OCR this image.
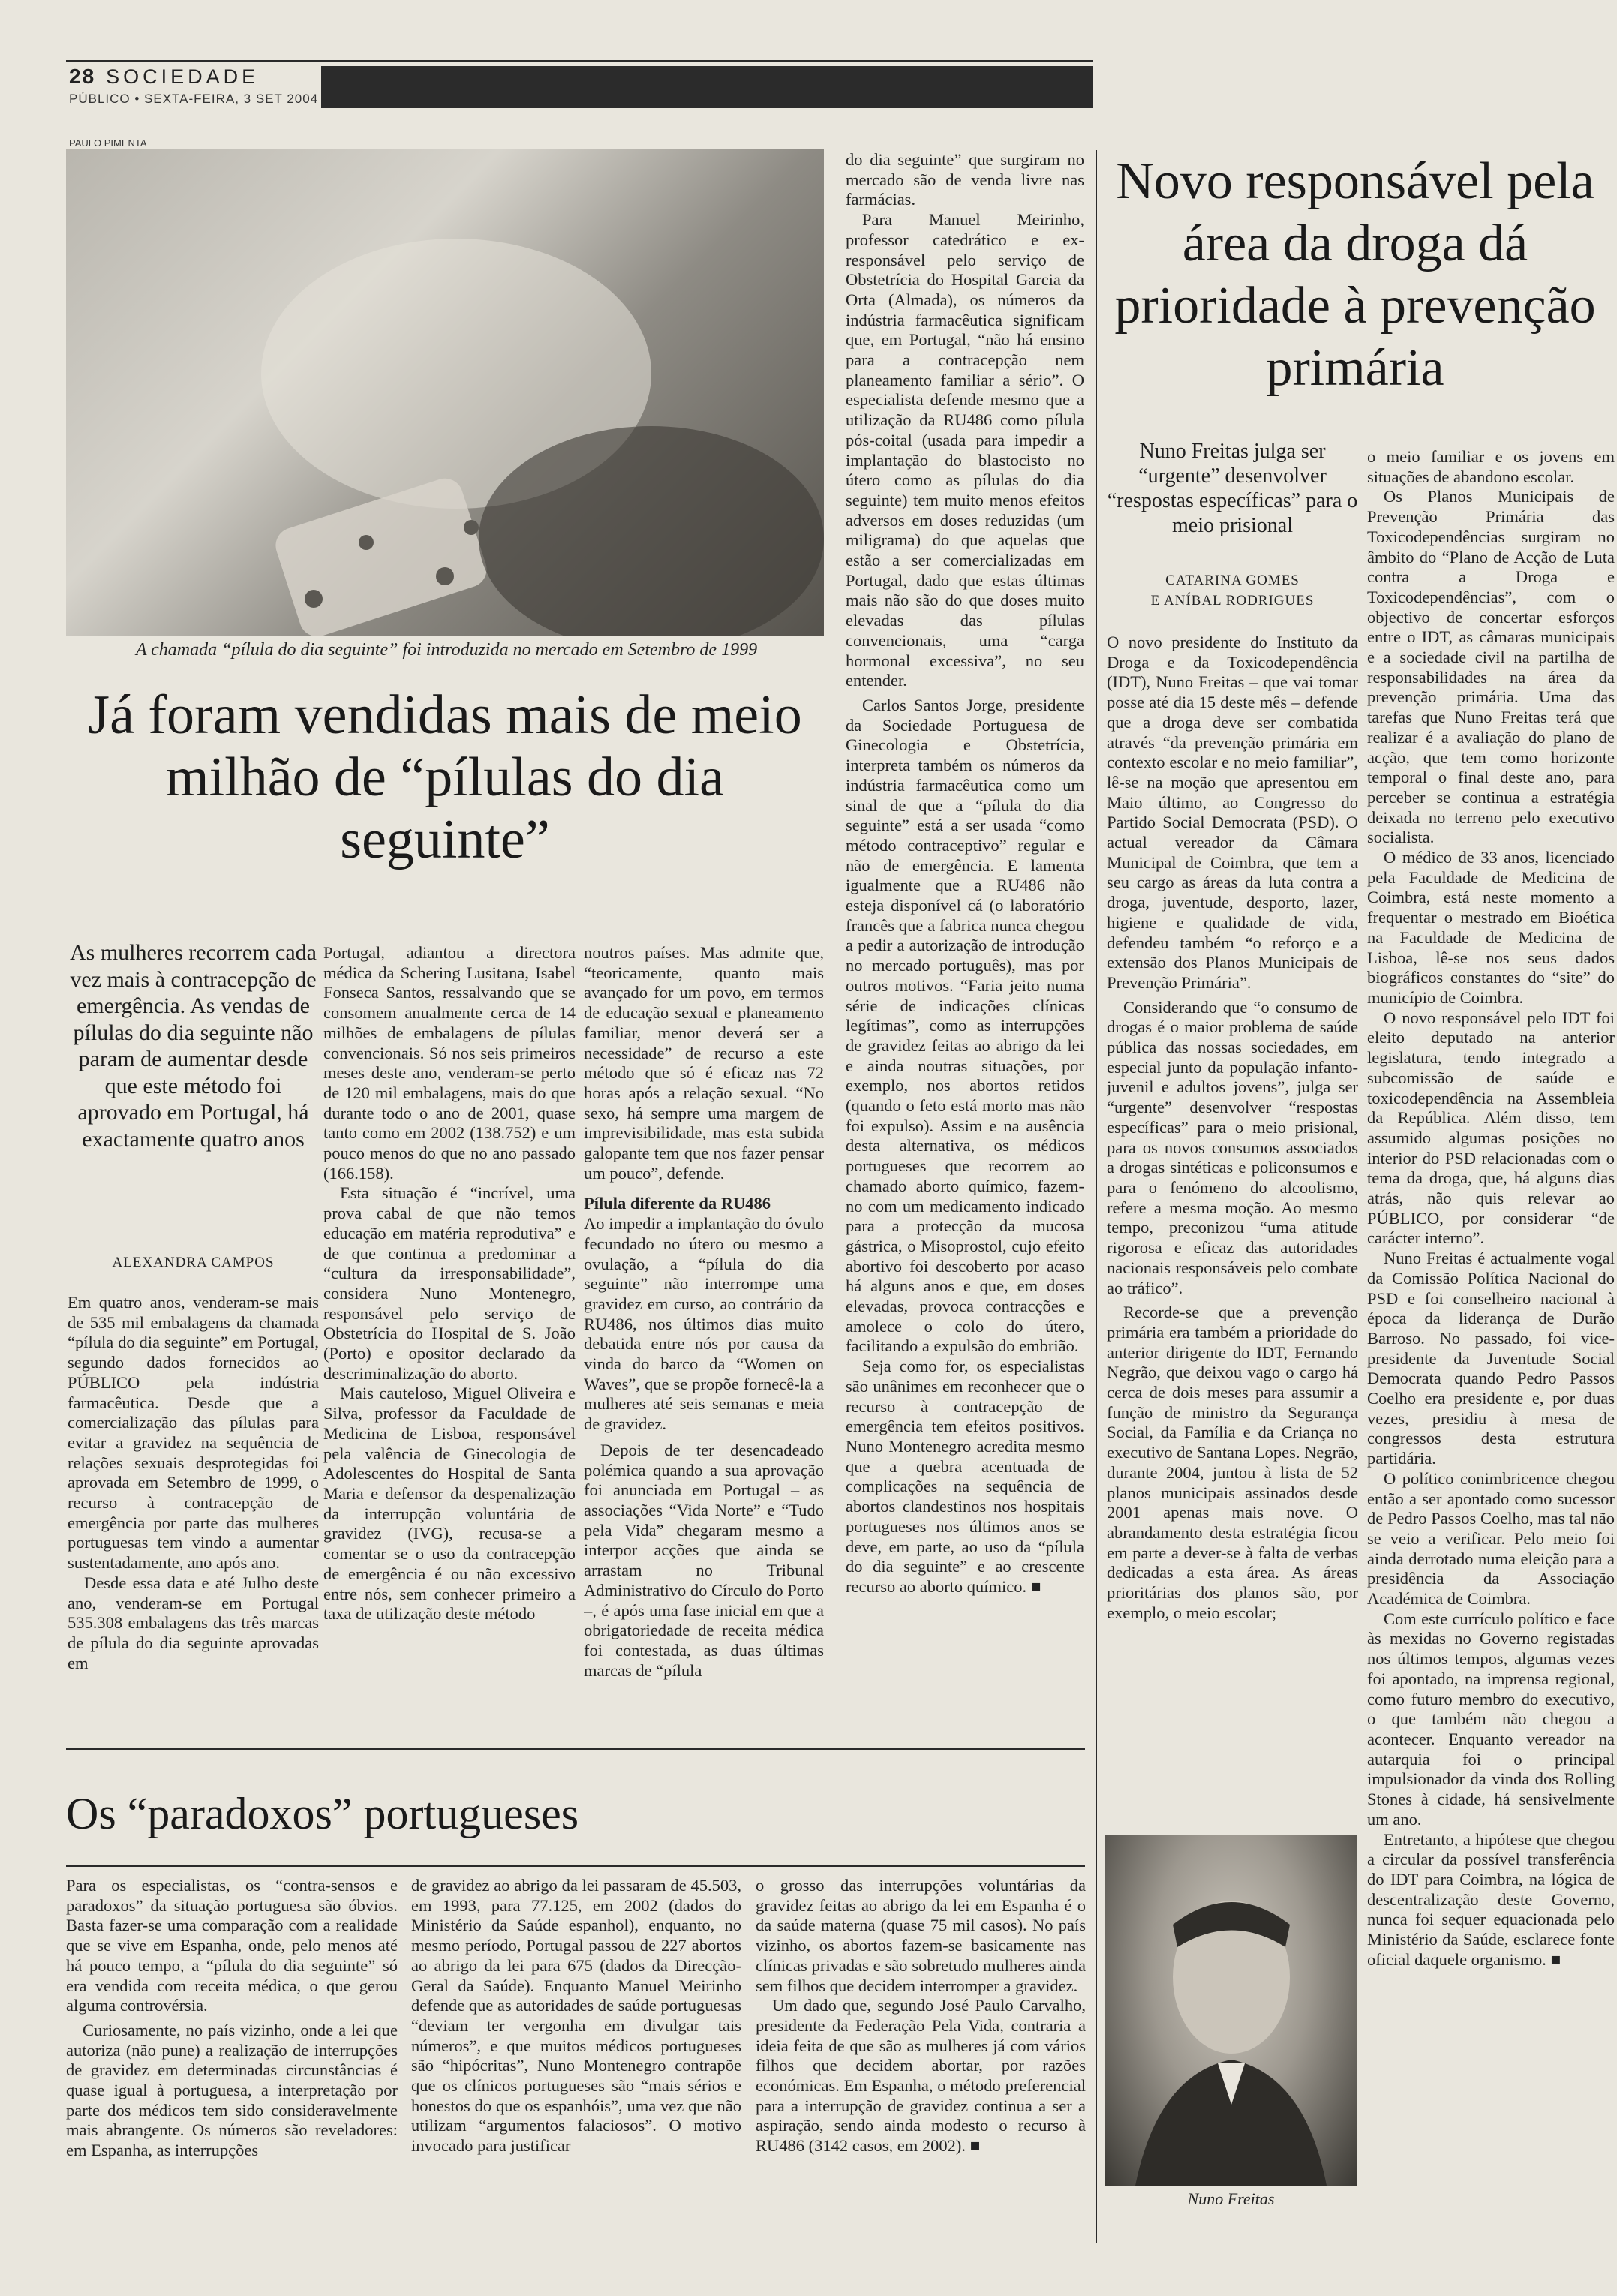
28 SOCIEDADE
PÚBLICO • SEXTA-FEIRA, 3 SET 2004
PAULO PIMENTA
A chamada “pílula do dia seguinte” foi introduzida no mercado em Setembro de 1999
Já foram vendidas mais de meio milhão de “pílulas do dia seguinte”
As mulheres recorrem cada vez mais à contracepção de emergência. As vendas de pílulas do dia seguinte não param de aumentar desde que este método foi aprovado em Portugal, há exactamente quatro anos
ALEXANDRA CAMPOS

Em quatro anos, venderam-se mais de 535 mil embalagens da chamada “pílula do dia seguinte” em Portugal, segundo dados fornecidos ao PÚBLICO pela indústria farmacêutica. Desde que a comercialização das pílulas para evitar a gravidez na sequência de relações sexuais desprotegidas foi aprovada em Setembro de 1999, o recurso à contracepção de emergência por parte das mulheres portuguesas tem vindo a aumentar sustentadamente, ano após ano.

Desde essa data e até Julho deste ano, venderam-se em Portugal 535.308 embalagens das três marcas de pílula do dia seguinte aprovadas em

Portugal, adiantou a directora médica da Schering Lusitana, Isabel Fonseca Santos, ressalvando que se consomem anualmente cerca de 14 milhões de embalagens de pílulas convencionais. Só nos seis primeiros meses deste ano, venderam-se perto de 120 mil embalagens, mais do que durante todo o ano de 2001, quase tanto como em 2002 (138.752) e um pouco menos do que no ano passado (166.158).

Esta situação é “incrível, uma prova cabal de que não temos educação em matéria reprodutiva” e de que continua a predominar a “cultura da irresponsabilidade”, considera Nuno Montenegro, responsável pelo serviço de Obstetrícia do Hospital de S. João (Porto) e opositor declarado da descriminalização do aborto.

Mais cauteloso, Miguel Oliveira e Silva, professor da Faculdade de Medicina de Lisboa, responsável pela valência de Ginecologia de Adolescentes do Hospital de Santa Maria e defensor da despenalização da interrupção voluntária de gravidez (IVG), recusa-se a comentar se o uso da contracepção de emergência é ou não excessivo entre nós, sem conhecer primeiro a taxa de utilização deste método

noutros países. Mas admite que, “teoricamente, quanto mais avançado for um povo, em termos de educação sexual e planeamento familiar, menor deverá ser a necessidade” de recurso a este método que só é eficaz nas 72 horas após a relação sexual. “No sexo, há sempre uma margem de imprevisibilidade, mas esta subida galopante tem que nos fazer pensar um pouco”, defende.

Pílula diferente da RU486

Ao impedir a implantação do óvulo fecundado no útero ou mesmo a ovulação, a “pílula do dia seguinte” não interrompe uma gravidez em curso, ao contrário da RU486, nos últimos dias muito debatida entre nós por causa da vinda do barco da “Women on Waves”, que se propõe fornecê-la a mulheres até seis semanas e meia de gravidez.

Depois de ter desencadeado polémica quando a sua aprovação foi anunciada em Portugal – as associações “Vida Norte” e “Tudo pela Vida” chegaram mesmo a interpor acções que ainda se arrastam no Tribunal Administrativo do Círculo do Porto –, é após uma fase inicial em que a obrigatoriedade de receita médica foi contestada, as duas últimas marcas de “pílula

do dia seguinte” que surgiram no mercado são de venda livre nas farmácias.

Para Manuel Meirinho, professor catedrático e ex-responsável pelo serviço de Obstetrícia do Hospital Garcia da Orta (Almada), os números da indústria farmacêutica significam que, em Portugal, “não há ensino para a contracepção nem planeamento familiar a sério”. O especialista defende mesmo que a utilização da RU486 como pílula pós-coital (usada para impedir a implantação do blastocisto no útero como as pílulas do dia seguinte) tem muito menos efeitos adversos em doses reduzidas (um miligrama) do que aquelas que estão a ser comercializadas em Portugal, dado que estas últimas mais não são do que doses muito elevadas das pílulas convencionais, uma “carga hormonal excessiva”, no seu entender.

Carlos Santos Jorge, presidente da Sociedade Portuguesa de Ginecologia e Obstetrícia, interpreta também os números da indústria farmacêutica como um sinal de que a “pílula do dia seguinte” está a ser usada “como método contraceptivo” regular e não de emergência. E lamenta igualmente que a RU486 não esteja disponível cá (o laboratório francês que a fabrica nunca chegou a pedir a autorização de introdução no mercado português), mas por outros motivos. “Faria jeito numa série de indicações clínicas legítimas”, como as interrupções de gravidez feitas ao abrigo da lei e ainda noutras situações, por exemplo, nos abortos retidos (quando o feto está morto mas não foi expulso). Assim e na ausência desta alternativa, os médicos portugueses que recorrem ao chamado aborto químico, fazem-no com um medicamento indicado para a protecção da mucosa gástrica, o Misoprostol, cujo efeito abortivo foi descoberto por acaso há alguns anos e que, em doses elevadas, provoca contracções e amolece o colo do útero, facilitando a expulsão do embrião.

Seja como for, os especialistas são unânimes em reconhecer que o recurso à contracepção de emergência tem efeitos positivos. Nuno Montenegro acredita mesmo que a quebra acentuada de complicações na sequência de abortos clandestinos nos hospitais portugueses nos últimos anos se deve, em parte, ao uso da “pílula do dia seguinte” e ao crescente recurso ao aborto químico. ■

Os “paradoxos” portugueses

Para os especialistas, os “contra-sensos e paradoxos” da situação portuguesa são óbvios. Basta fazer-se uma comparação com a realidade que se vive em Espanha, onde, pelo menos até há pouco tempo, a “pílula do dia seguinte” só era vendida com receita médica, o que gerou alguma controvérsia.

Curiosamente, no país vizinho, onde a lei que autoriza (não pune) a realização de interrupções de gravidez em determinadas circunstâncias é quase igual à portuguesa, a interpretação por parte dos médicos tem sido consideravelmente mais abrangente. Os números são reveladores: em Espanha, as interrupções

de gravidez ao abrigo da lei passaram de 45.503, em 1993, para 77.125, em 2002 (dados do Ministério da Saúde espanhol), enquanto, no mesmo período, Portugal passou de 227 abortos ao abrigo da lei para 675 (dados da Direcção-Geral da Saúde). Enquanto Manuel Meirinho defende que as autoridades de saúde portuguesas “deviam ter vergonha em divulgar tais números”, e que muitos médicos portugueses são “hipócritas”, Nuno Montenegro contrapõe que os clínicos portugueses são “mais sérios e honestos do que os espanhóis”, uma vez que não utilizam “argumentos falaciosos”. O motivo invocado para justificar

o grosso das interrupções voluntárias da gravidez feitas ao abrigo da lei em Espanha é o da saúde materna (quase 75 mil casos). No país vizinho, os abortos fazem-se basicamente nas clínicas privadas e são sobretudo mulheres ainda sem filhos que decidem interromper a gravidez.

Um dado que, segundo José Paulo Carvalho, presidente da Federação Pela Vida, contraria a ideia feita de que são as mulheres já com vários filhos que decidem abortar, por razões económicas. Em Espanha, o método preferencial para a interrupção de gravidez continua a ser a aspiração, sendo ainda modesto o recurso à RU486 (3142 casos, em 2002). ■

Novo responsável pela área da droga dá prioridade à prevenção primária
Nuno Freitas julga ser “urgente” desenvolver “respostas específicas” para o meio prisional
CATARINA GOMES
E ANÍBAL RODRIGUES

O novo presidente do Instituto da Droga e da Toxicodependência (IDT), Nuno Freitas – que vai tomar posse até dia 15 deste mês – defende que a droga deve ser combatida através “da prevenção primária em contexto escolar e no meio familiar”, lê-se na moção que apresentou em Maio último, ao Congresso do Partido Social Democrata (PSD). O actual vereador da Câmara Municipal de Coimbra, que tem a seu cargo as áreas da luta contra a droga, juventude, desporto, lazer, higiene e qualidade de vida, defendeu também “o reforço e a extensão dos Planos Municipais de Prevenção Primária”.

Considerando que “o consumo de drogas é o maior problema de saúde pública das nossas sociedades, em especial junto da população infanto-juvenil e adultos jovens”, julga ser “urgente” desenvolver “respostas específicas” para o meio prisional, para os novos consumos associados a drogas sintéticas e policonsumos e para o fenómeno do alcoolismo, refere a mesma moção. Ao mesmo tempo, preconizou “uma atitude rigorosa e eficaz das autoridades nacionais responsáveis pelo combate ao tráfico”.

Recorde-se que a prevenção primária era também a prioridade do anterior dirigente do IDT, Fernando Negrão, que deixou vago o cargo há cerca de dois meses para assumir a função de ministro da Segurança Social, da Família e da Criança no executivo de Santana Lopes. Negrão, durante 2004, juntou à lista de 52 planos municipais assinados desde 2001 apenas mais nove. O abrandamento desta estratégia ficou em parte a dever-se à falta de verbas dedicadas a esta área. As áreas prioritárias dos planos são, por exemplo, o meio escolar;

o meio familiar e os jovens em situações de abandono escolar.

Os Planos Municipais de Prevenção Primária das Toxicodependências surgiram no âmbito do “Plano de Acção de Luta contra a Droga e Toxicodependências”, com o objectivo de concertar esforços entre o IDT, as câmaras municipais e a sociedade civil na partilha de responsabilidades na área da prevenção primária. Uma das tarefas que Nuno Freitas terá que realizar é a avaliação do plano de acção, que tem como horizonte temporal o final deste ano, para perceber se continua a estratégia deixada no terreno pelo executivo socialista.

O médico de 33 anos, licenciado pela Faculdade de Medicina de Coimbra, está neste momento a frequentar o mestrado em Bioética na Faculdade de Medicina de Lisboa, lê-se nos seus dados biográficos constantes do “site” do município de Coimbra.

O novo responsável pelo IDT foi eleito deputado na anterior legislatura, tendo integrado a subcomissão de saúde e toxicodependência na Assembleia da República. Além disso, tem assumido algumas posições no interior do PSD relacionadas com o tema da droga, que, há alguns dias atrás, não quis relevar ao PÚBLICO, por considerar “de carácter interno”.

Nuno Freitas é actualmente vogal da Comissão Política Nacional do PSD e foi conselheiro nacional à época da liderança de Durão Barroso. No passado, foi vice-presidente da Juventude Social Democrata quando Pedro Passos Coelho era presidente e, por duas vezes, presidiu à mesa de congressos desta estrutura partidária.

O político conimbricence chegou então a ser apontado como sucessor de Pedro Passos Coelho, mas tal não se veio a verificar. Pelo meio foi ainda derrotado numa eleição para a presidência da Associação Académica de Coimbra.

Com este currículo político e face às mexidas no Governo registadas nos últimos tempos, algumas vezes foi apontado, na imprensa regional, como futuro membro do executivo, o que também não chegou a acontecer. Enquanto vereador na autarquia foi o principal impulsionador da vinda dos Rolling Stones à cidade, há sensivelmente um ano.

Entretanto, a hipótese que chegou a circular da possível transferência do IDT para Coimbra, na lógica de descentralização deste Governo, nunca foi sequer equacionada pelo Ministério da Saúde, esclarece fonte oficial daquele organismo. ■

Nuno Freitas
